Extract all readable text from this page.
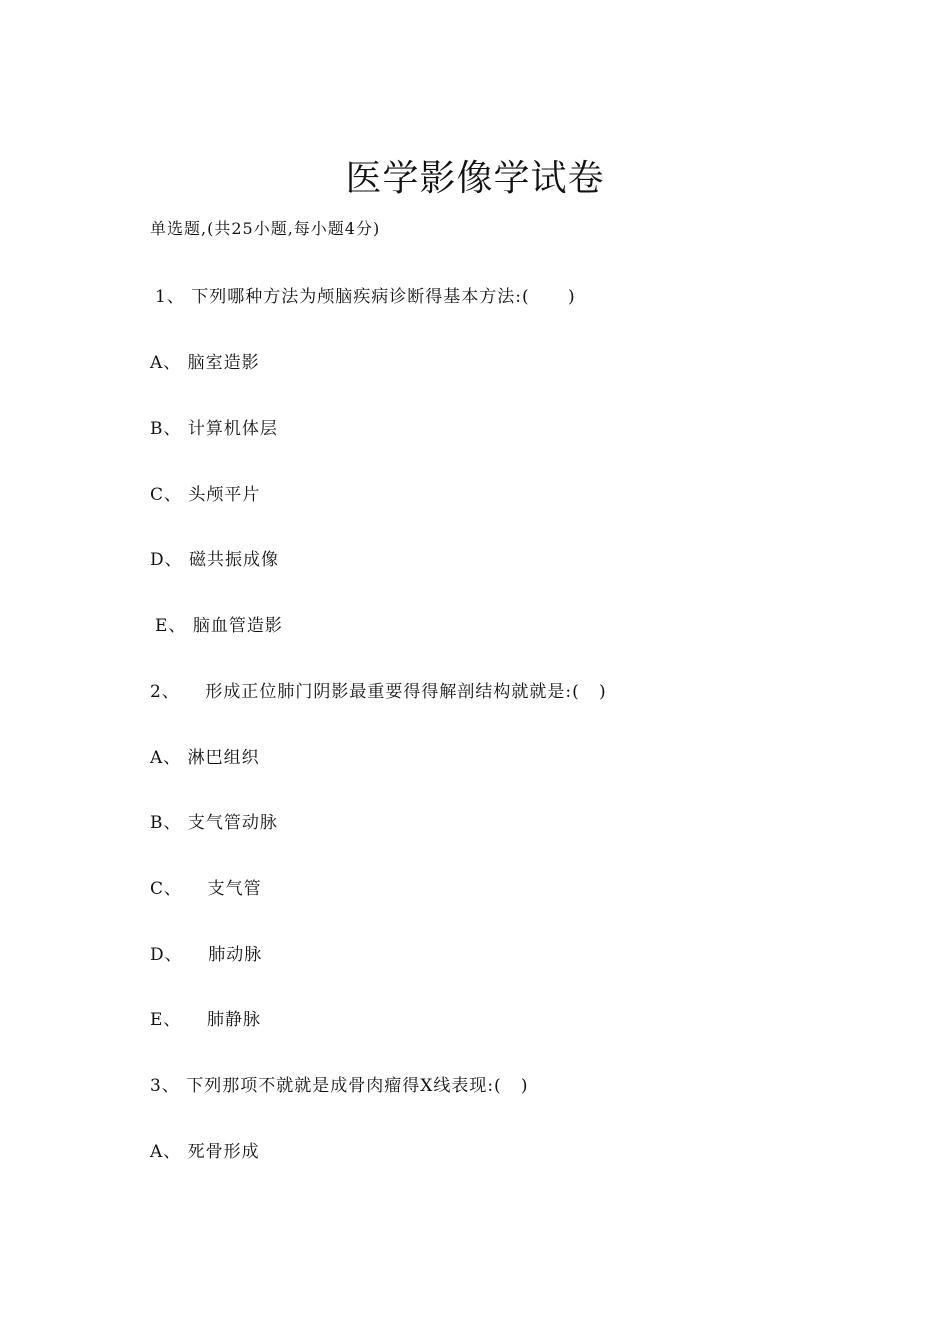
医学影像学试卷
单选题,(共25小题,每小题4分)
1、 下列哪种方法为颅脑疾病诊断得基本方法:(      )
A、 脑室造影
B、 计算机体层
C、 头颅平片
D、 磁共振成像
E、 脑血管造影
2、    形成正位肺门阴影最重要得得解剖结构就就是:(   )
A、 淋巴组织
B、 支气管动脉
C、    支气管
D、    肺动脉
E、    肺静脉
3、 下列那项不就就是成骨肉瘤得X线表现:(   )
A、 死骨形成
